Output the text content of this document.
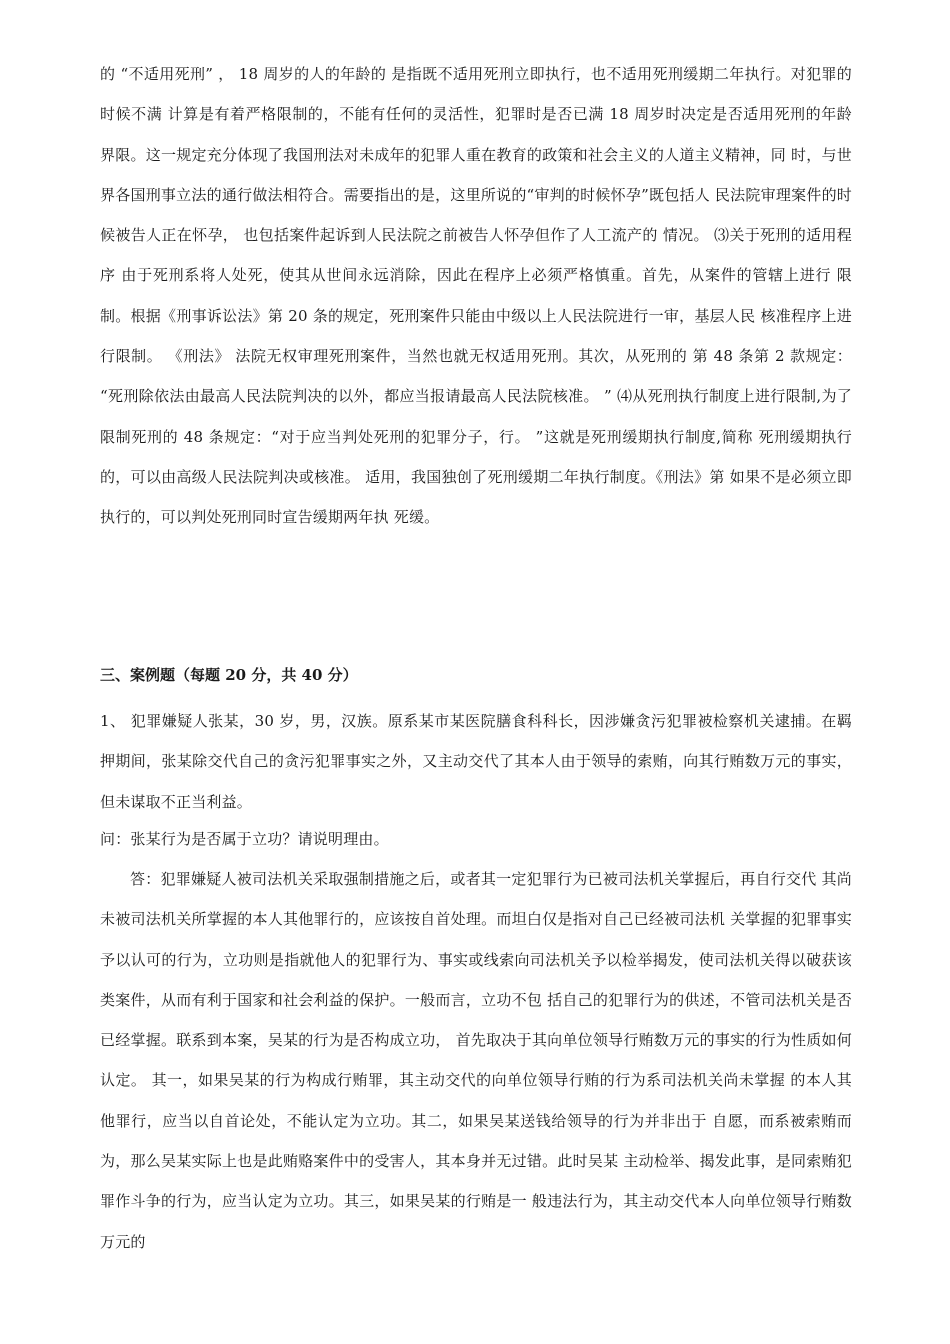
的 “不适用死刑” ， 18 周岁的人的年龄的 是指既不适用死刑立即执行，也不适用死刑缓期二年执行。对犯罪的时候不满 计算是有着严格限制的，不能有任何的灵活性，犯罪时是否已满 18 周岁时决定是否适用死刑的年龄 界限。这一规定充分体现了我国刑法对未成年的犯罪人重在教育的政策和社会主义的人道主义精神，同 时，与世界各国刑事立法的通行做法相符合。需要指出的是，这里所说的“审判的时候怀孕”既包括人 民法院审理案件的时候被告人正在怀孕， 也包括案件起诉到人民法院之前被告人怀孕但作了人工流产的 情况。 ⑶关于死刑的适用程序 由于死刑系将人处死，使其从世间永远消除，因此在程序上必须严格慎重。首先，从案件的管辖上进行 限制。根据《刑事诉讼法》第 20 条的规定，死刑案件只能由中级以上人民法院进行一审，基层人民 核准程序上进行限制。 《刑法》 法院无权审理死刑案件，当然也就无权适用死刑。其次，从死刑的 第 48 条第 2 款规定： “死刑除依法由最高人民法院判决的以外，都应当报请最高人民法院核准。 ” ⑷从死刑执行制度上进行限制,为了限制死刑的 48 条规定：“对于应当判处死刑的犯罪分子，行。 ”这就是死刑缓期执行制度,简称 死刑缓期执行的，可以由高级人民法院判决或核准。 适用，我国独创了死刑缓期二年执行制度。《刑法》第 如果不是必须立即执行的，可以判处死刑同时宣告缓期两年执 死缓。

三、案例题（每题 20 分，共 40 分）

1、 犯罪嫌疑人张某，30 岁，男，汉族。原系某市某医院膳食科科长，因涉嫌贪污犯罪被检察机关逮捕。在羁押期间，张某除交代自己的贪污犯罪事实之外，又主动交代了其本人由于领导的索贿，向其行贿数万元的事实，但未谋取不正当利益。

问：张某行为是否属于立功？请说明理由。

答：犯罪嫌疑人被司法机关采取强制措施之后，或者其一定犯罪行为已被司法机关掌握后，再自行交代 其尚未被司法机关所掌握的本人其他罪行的，应该按自首处理。而坦白仅是指对自己已经被司法机 关掌握的犯罪事实予以认可的行为，立功则是指就他人的犯罪行为、事实或线索向司法机关予以检举揭发，使司法机关得以破获该类案件，从而有利于国家和社会利益的保护。一般而言，立功不包 括自己的犯罪行为的供述，不管司法机关是否已经掌握。联系到本案，吴某的行为是否构成立功， 首先取决于其向单位领导行贿数万元的事实的行为性质如何认定。 其一，如果吴某的行为构成行贿罪，其主动交代的向单位领导行贿的行为系司法机关尚未掌握 的本人其他罪行，应当以自首论处，不能认定为立功。其二，如果吴某送钱给领导的行为并非出于 自愿，而系被索贿而为，那么吴某实际上也是此贿赂案件中的受害人，其本身并无过错。此时吴某 主动检举、揭发此事，是同索贿犯罪作斗争的行为，应当认定为立功。其三，如果吴某的行贿是一 般违法行为，其主动交代本人向单位领导行贿数万元的
